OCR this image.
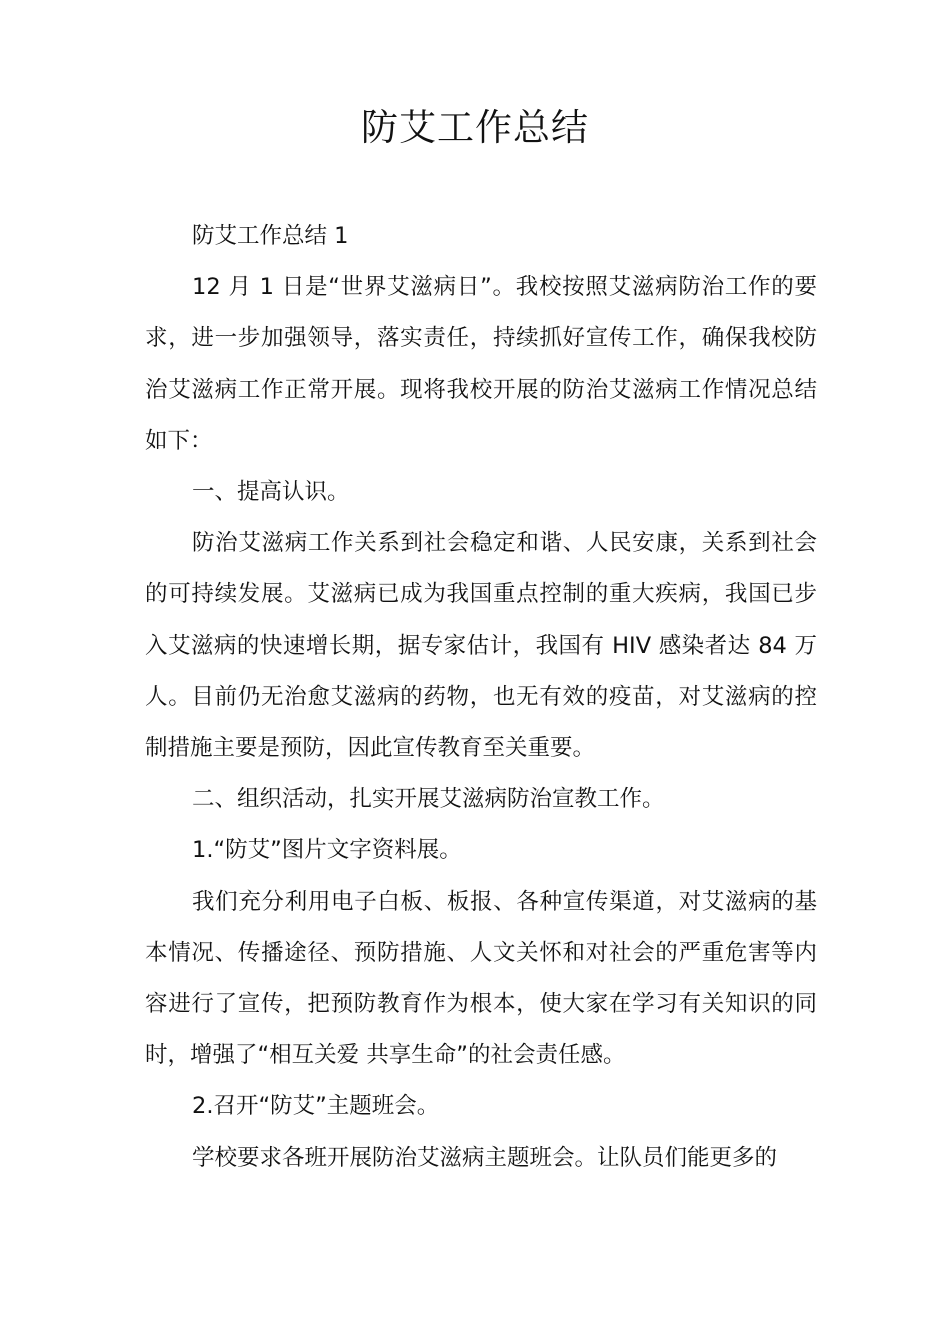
防艾工作总结

防艾工作总结 1

12 月 1 日是“世界艾滋病日”。我校按照艾滋病防治工作的要求，进一步加强领导，落实责任，持续抓好宣传工作，确保我校防治艾滋病工作正常开展。现将我校开展的防治艾滋病工作情况总结如下：

一、提高认识。

防治艾滋病工作关系到社会稳定和谐、人民安康，关系到社会的可持续发展。艾滋病已成为我国重点控制的重大疾病，我国已步入艾滋病的快速增长期，据专家估计，我国有 HIV 感染者达 84 万人。目前仍无治愈艾滋病的药物，也无有效的疫苗，对艾滋病的控制措施主要是预防，因此宣传教育至关重要。

二、组织活动，扎实开展艾滋病防治宣教工作。

1.“防艾”图片文字资料展。

我们充分利用电子白板、板报、各种宣传渠道，对艾滋病的基本情况、传播途径、预防措施、人文关怀和对社会的严重危害等内容进行了宣传，把预防教育作为根本，使大家在学习有关知识的同时，增强了“相互关爱 共享生命”的社会责任感。

2.召开“防艾”主题班会。

学校要求各班开展防治艾滋病主题班会。让队员们能更多的
